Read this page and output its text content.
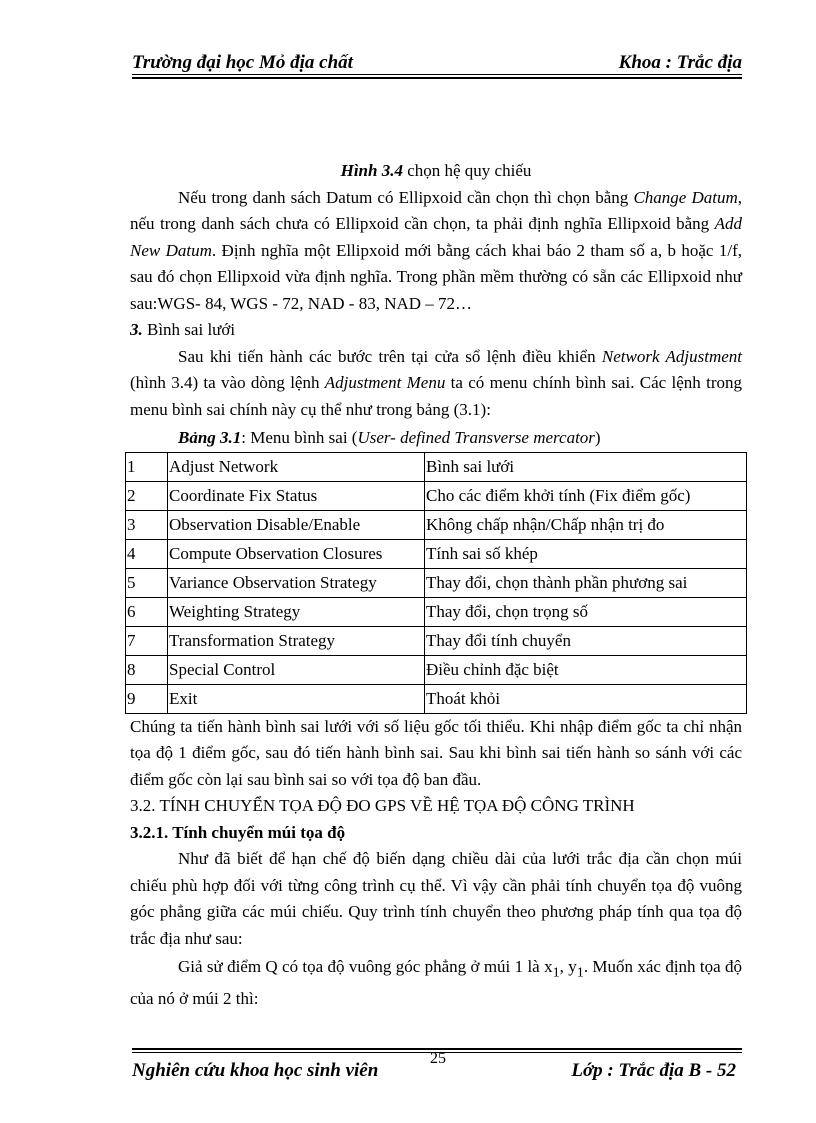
Trường đại học Mỏ địa chất	Khoa : Trắc địa

Hình 3.4 chọn hệ quy chiếu

Nếu trong danh sách Datum có Ellipxoid cần chọn thì chọn bằng Change Datum, nếu trong danh sách chưa có Ellipxoid cần chọn, ta phải định nghĩa Ellipxoid bằng Add New Datum. Định nghĩa một Ellipxoid mới bằng cách khai báo 2 tham số a, b hoặc 1/f, sau đó chọn Ellipxoid vừa định nghĩa. Trong phần mềm thường có sẵn các Ellipxoid như sau:WGS- 84, WGS - 72, NAD - 83, NAD – 72…

3. Bình sai lưới

Sau khi tiến hành các bước trên tại cửa sổ lệnh điều khiển Network Adjustment (hình 3.4) ta vào dòng lệnh Adjustment Menu ta có menu chính bình sai. Các lệnh trong menu bình sai chính này cụ thể như trong bảng (3.1):

Bảng 3.1: Menu bình sai (User- defined Transverse mercator)

1	Adjust Network	Bình sai lưới
2	Coordinate Fix Status	Cho các điểm khởi tính (Fix điểm gốc)
3	Observation Disable/Enable	Không chấp nhận/Chấp nhận trị đo
4	Compute Observation Closures	Tính sai số khép
5	Variance Observation Strategy	Thay đổi, chọn thành phần phương sai
6	Weighting Strategy	Thay đổi, chọn trọng số
7	Transformation Strategy	Thay đổi tính chuyển
8	Special Control	Điều chỉnh đặc biệt
9	Exit	Thoát khỏi

Chúng ta tiến hành bình sai lưới với số liệu gốc tối thiểu. Khi nhập điểm gốc ta chỉ nhận tọa độ 1 điểm gốc, sau đó tiến hành bình sai. Sau khi bình sai tiến hành so sánh với các điểm gốc còn lại sau bình sai so với tọa độ ban đầu.

3.2. TÍNH CHUYỂN TỌA ĐỘ ĐO GPS VỀ HỆ TỌA ĐỘ CÔNG TRÌNH

3.2.1. Tính chuyển múi tọa độ

Như đã biết để hạn chế độ biến dạng chiều dài của lưới trắc địa cần chọn múi chiếu phù hợp đối với từng công trình cụ thể. Vì vậy cần phải tính chuyển tọa độ vuông góc phẳng giữa các múi chiếu. Quy trình tính chuyển theo phương pháp tính qua tọa độ trắc địa như sau:

Giả sử điểm Q có tọa độ vuông góc phẳng ở múi 1 là $x_1$, $y_1$. Muốn xác định tọa độ của nó ở múi 2 thì:

25
Nghiên cứu khoa học sinh viên	Lớp : Trắc địa B - 52
